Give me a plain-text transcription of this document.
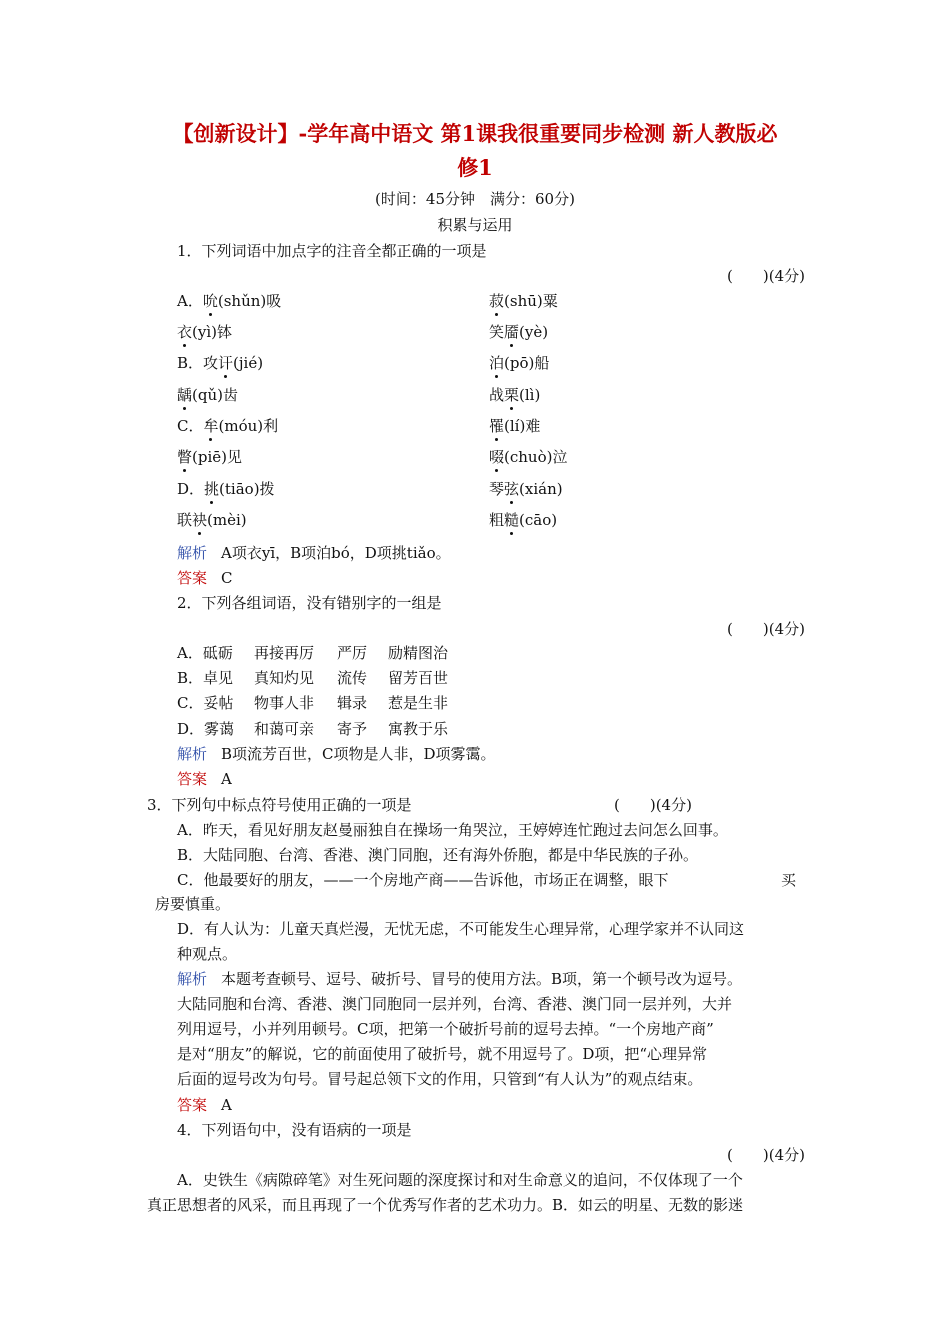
【创新设计】-学年高中语文 第1课我很重要同步检测 新人教版必
修1
(时间：45分钟　满分：60分)
积累与运用
1．下列词语中加点字的注音全都正确的一项是
(　　)(4分)
A．吮(shǔn)吸	菽(shū)粟
衣(yì)钵	笑靥(yè)
B．攻讦(jié)	泊(pō)船
龋(qǔ)齿	战栗(lì)
C．牟(móu)利	罹(lí)难
瞥(piē)见	啜(chuò)泣
D．挑(tiāo)拨	琴弦(xián)
联袂(mèi)	粗糙(cāo)
解析 A项衣yī，B项泊bó，D项挑tiǎo。
答案 C
2．下列各组词语，没有错别字的一组是
(　　)(4分)
A．砥砺 再接再厉 严厉 励精图治
B．卓见 真知灼见 流传 留芳百世
C．妥帖 物事人非 辑录 惹是生非
D．雾蔼 和蔼可亲 寄予 寓教于乐
解析 B项流芳百世，C项物是人非，D项雾霭。
答案 A
3．下列句中标点符号使用正确的一项是	(　　)(4分)
A．昨天，看见好朋友赵曼丽独自在操场一角哭泣，王婷婷连忙跑过去问怎么回事。
B．大陆同胞、台湾、香港、澳门同胞，还有海外侨胞，都是中华民族的子孙。
C．他最要好的朋友，——一个房地产商——告诉他，市场正在调整，眼下	买
房要慎重。
D．有人认为：儿童天真烂漫，无忧无虑，不可能发生心理异常，心理学家并不认同这
种观点。
解析 本题考查顿号、逗号、破折号、冒号的使用方法。B项，第一个顿号改为逗号。
大陆同胞和台湾、香港、澳门同胞同一层并列，台湾、香港、澳门同一层并列，大并
列用逗号，小并列用顿号。C项，把第一个破折号前的逗号去掉。“一个房地产商”
是对“朋友”的解说，它的前面使用了破折号，就不用逗号了。D项，把“心理异常
后面的逗号改为句号。冒号起总领下文的作用，只管到“有人认为”的观点结束。
答案 A
4．下列语句中，没有语病的一项是
(　　)(4分)
A．史铁生《病隙碎笔》对生死问题的深度探讨和对生命意义的追问，不仅体现了一个
真正思想者的风采，而且再现了一个优秀写作者的艺术功力。B．如云的明星、无数的影迷
